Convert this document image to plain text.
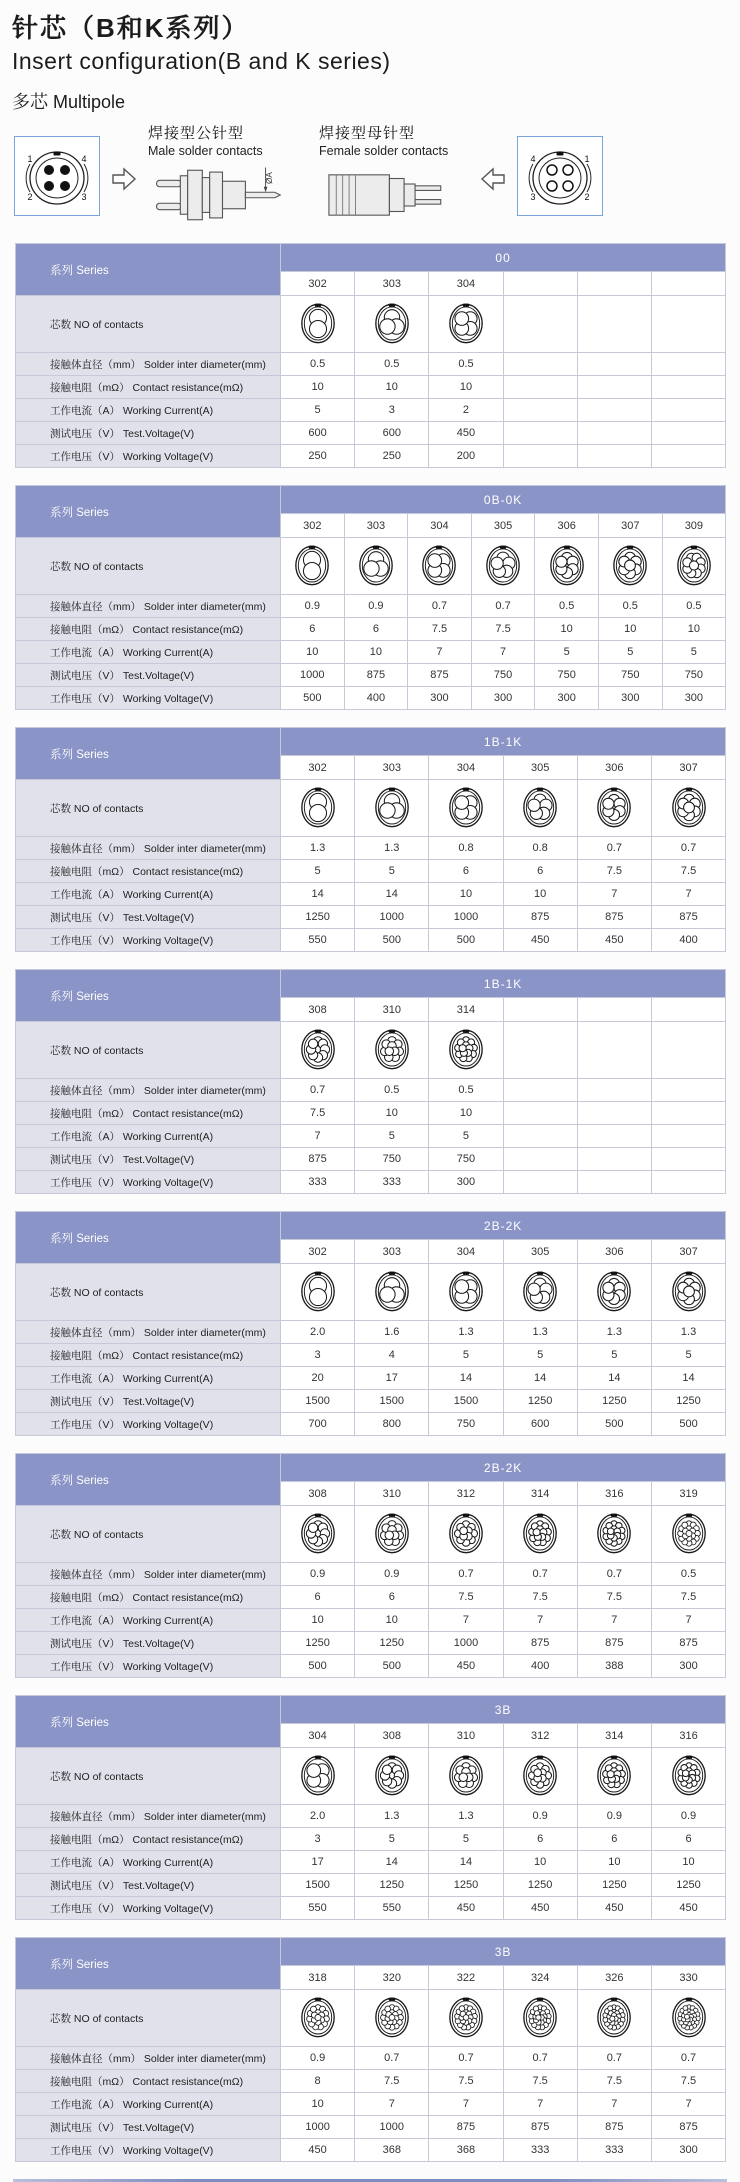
针芯（B和K系列）
Insert configuration(B and K series)
多芯 Multipole
1	4
2	3
焊接型公针型
Male solder contacts
ØA
焊接型母针型
Female solder contacts
4	1
3	2
系列 Series	00					
	302	303	304			
芯数 NO of contacts						
接触体直径（mm） Solder inter diameter(mm)	0.5	0.5	0.5			
接触电阻（mΩ） Contact resistance(mΩ)	10	10	10			
工作电流（A） Working Current(A)	5	3	2			
测试电压（V） Test.Voltage(V)	600	600	450			
工作电压（V） Working Voltage(V)	250	250	200			
系列 Series	0B-0K						
	302	303	304	305	306	307	309
芯数 NO of contacts							
接触体直径（mm） Solder inter diameter(mm)	0.9	0.9	0.7	0.7	0.5	0.5	0.5
接触电阻（mΩ） Contact resistance(mΩ)	6	6	7.5	7.5	10	10	10
工作电流（A） Working Current(A)	10	10	7	7	5	5	5
测试电压（V） Test.Voltage(V)	1000	875	875	750	750	750	750
工作电压（V） Working Voltage(V)	500	400	300	300	300	300	300
系列 Series	1B-1K					
	302	303	304	305	306	307
芯数 NO of contacts						
接触体直径（mm） Solder inter diameter(mm)	1.3	1.3	0.8	0.8	0.7	0.7
接触电阻（mΩ） Contact resistance(mΩ)	5	5	6	6	7.5	7.5
工作电流（A） Working Current(A)	14	14	10	10	7	7
测试电压（V） Test.Voltage(V)	1250	1000	1000	875	875	875
工作电压（V） Working Voltage(V)	550	500	500	450	450	400
系列 Series	1B-1K					
	308	310	314			
芯数 NO of contacts						
接触体直径（mm） Solder inter diameter(mm)	0.7	0.5	0.5			
接触电阻（mΩ） Contact resistance(mΩ)	7.5	10	10			
工作电流（A） Working Current(A)	7	5	5			
测试电压（V） Test.Voltage(V)	875	750	750			
工作电压（V） Working Voltage(V)	333	333	300			
系列 Series	2B-2K					
	302	303	304	305	306	307
芯数 NO of contacts						
接触体直径（mm） Solder inter diameter(mm)	2.0	1.6	1.3	1.3	1.3	1.3
接触电阻（mΩ） Contact resistance(mΩ)	3	4	5	5	5	5
工作电流（A） Working Current(A)	20	17	14	14	14	14
测试电压（V） Test.Voltage(V)	1500	1500	1500	1250	1250	1250
工作电压（V） Working Voltage(V)	700	800	750	600	500	500
系列 Series	2B-2K					
	308	310	312	314	316	319
芯数 NO of contacts						
接触体直径（mm） Solder inter diameter(mm)	0.9	0.9	0.7	0.7	0.7	0.5
接触电阻（mΩ） Contact resistance(mΩ)	6	6	7.5	7.5	7.5	7.5
工作电流（A） Working Current(A)	10	10	7	7	7	7
测试电压（V） Test.Voltage(V)	1250	1250	1000	875	875	875
工作电压（V） Working Voltage(V)	500	500	450	400	388	300
系列 Series	3B					
	304	308	310	312	314	316
芯数 NO of contacts						
接触体直径（mm） Solder inter diameter(mm)	2.0	1.3	1.3	0.9	0.9	0.9
接触电阻（mΩ） Contact resistance(mΩ)	3	5	5	6	6	6
工作电流（A） Working Current(A)	17	14	14	10	10	10
测试电压（V） Test.Voltage(V)	1500	1250	1250	1250	1250	1250
工作电压（V） Working Voltage(V)	550	550	450	450	450	450
系列 Series	3B					
	318	320	322	324	326	330
芯数 NO of contacts						
接触体直径（mm） Solder inter diameter(mm)	0.9	0.7	0.7	0.7	0.7	0.7
接触电阻（mΩ） Contact resistance(mΩ)	8	7.5	7.5	7.5	7.5	7.5
工作电流（A） Working Current(A)	10	7	7	7	7	7
测试电压（V） Test.Voltage(V)	1000	1000	875	875	875	875
工作电压（V） Working Voltage(V)	450	368	368	333	333	300
